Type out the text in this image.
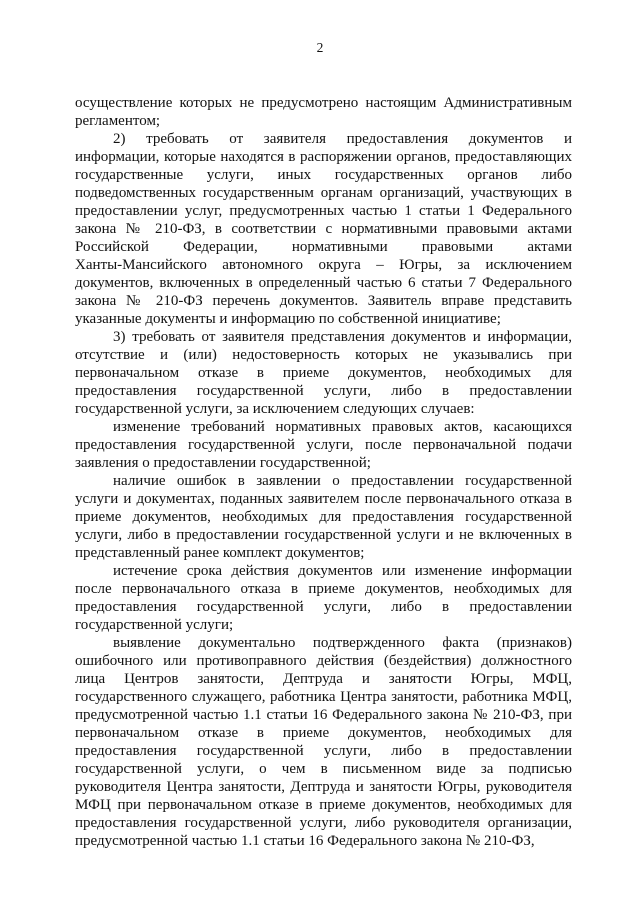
2
осуществление которых не предусмотрено настоящим Административным
регламентом;
2) требовать от заявителя предоставления документов и
информации, которые находятся в распоряжении органов, предоставляющих
государственные услуги, иных государственных органов либо
подведомственных государственным органам организаций, участвующих в
предоставлении услуг, предусмотренных частью 1 статьи 1 Федерального
закона № 210-ФЗ, в соответствии с нормативными правовыми актами
Российской Федерации, нормативными правовыми актами
Ханты-Мансийского автономного округа – Югры, за исключением
документов, включенных в определенный частью 6 статьи 7 Федерального
закона № 210-ФЗ перечень документов. Заявитель вправе представить
указанные документы и информацию по собственной инициативе;
3) требовать от заявителя представления документов и информации,
отсутствие и (или) недостоверность которых не указывались при
первоначальном отказе в приеме документов, необходимых для
предоставления государственной услуги, либо в предоставлении
государственной услуги, за исключением следующих случаев:
изменение требований нормативных правовых актов, касающихся
предоставления государственной услуги, после первоначальной подачи
заявления о предоставлении государственной;
наличие ошибок в заявлении о предоставлении государственной
услуги и документах, поданных заявителем после первоначального отказа в
приеме документов, необходимых для предоставления государственной
услуги, либо в предоставлении государственной услуги и не включенных в
представленный ранее комплект документов;
истечение срока действия документов или изменение информации
после первоначального отказа в приеме документов, необходимых для
предоставления государственной услуги, либо в предоставлении
государственной услуги;
выявление документально подтвержденного факта (признаков)
ошибочного или противоправного действия (бездействия) должностного
лица Центров занятости, Дептруда и занятости Югры, МФЦ,
государственного служащего, работника Центра занятости, работника МФЦ,
предусмотренной частью 1.1 статьи 16 Федерального закона № 210-ФЗ, при
первоначальном отказе в приеме документов, необходимых для
предоставления государственной услуги, либо в предоставлении
государственной услуги, о чем в письменном виде за подписью
руководителя Центра занятости, Дептруда и занятости Югры, руководителя
МФЦ при первоначальном отказе в приеме документов, необходимых для
предоставления государственной услуги, либо руководителя организации,
предусмотренной частью 1.1 статьи 16 Федерального закона № 210-ФЗ,
